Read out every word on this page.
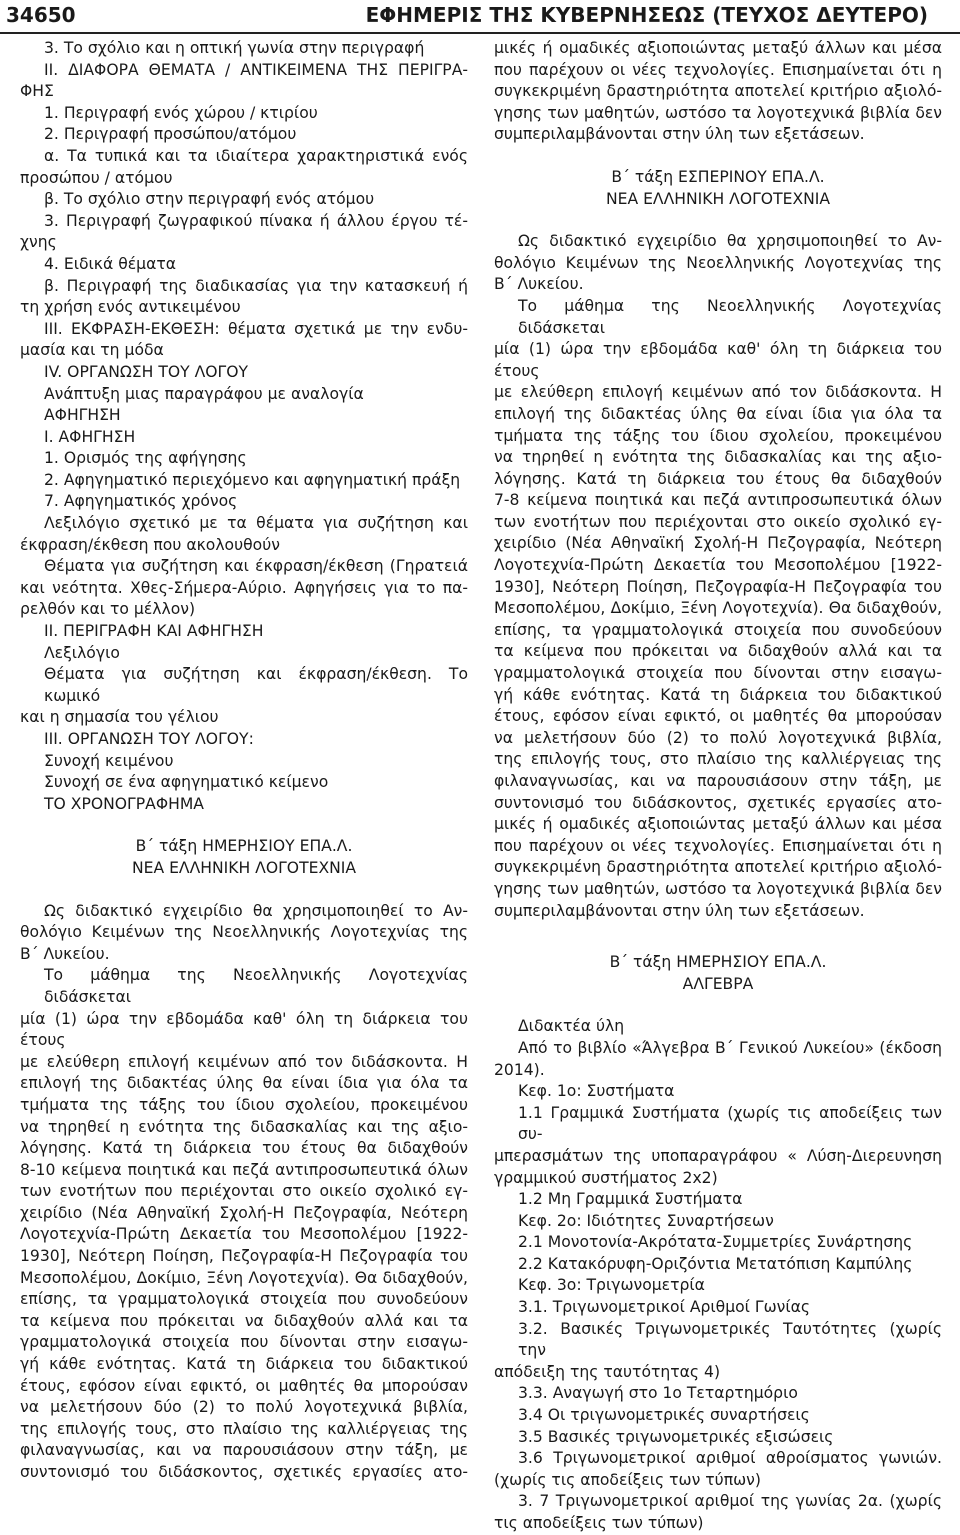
34650	ΕΦΗΜΕΡΙΣ ΤΗΣ ΚΥΒΕΡΝΗΣΕΩΣ (ΤΕΥΧΟΣ ΔΕΥΤΕΡΟ)
3. Το σχόλιο και η οπτική γωνία στην περιγραφή
ΙΙ. ΔΙΑΦΟΡΑ ΘΕΜΑΤΑ / ΑΝΤΙΚΕΙΜΕΝΑ ΤΗΣ ΠΕΡΙΓΡΑ-
ΦΗΣ
1. Περιγραφή ενός χώρου / κτιρίου
2. Περιγραφή προσώπου/ατόμου
α. Τα τυπικά και τα ιδιαίτερα χαρακτηριστικά ενός
προσώπου / ατόμου
β. Το σχόλιο στην περιγραφή ενός ατόμου
3. Περιγραφή ζωγραφικού πίνακα ή άλλου έργου τέ-
χνης
4. Ειδικά θέματα
β. Περιγραφή της διαδικασίας για την κατασκευή ή
τη χρήση ενός αντικειμένου
ΙΙΙ. ΕΚΦΡΑΣΗ-ΕΚΘΕΣΗ: θέματα σχετικά με την ενδυ-
μασία και τη μόδα
IV. ΟΡΓΑΝΩΣΗ ΤΟΥ ΛΟΓΟΥ
Ανάπτυξη μιας παραγράφου με αναλογία
ΑΦΗΓΗΣΗ
Ι. ΑΦΗΓΗΣΗ
1. Ορισμός της αφήγησης
2. Αφηγηματικό περιεχόμενο και αφηγηματική πράξη
7. Αφηγηματικός χρόνος
Λεξιλόγιο σχετικό με τα θέματα για συζήτηση και
έκφραση/έκθεση που ακολουθούν
Θέματα για συζήτηση και έκφραση/έκθεση (Γηρατειά
και νεότητα. Χθες-Σήμερα-Αύριο. Αφηγήσεις για το πα-
ρελθόν και το μέλλον)
ΙΙ. ΠΕΡΙΓΡΑΦΗ ΚΑΙ ΑΦΗΓΗΣΗ
Λεξιλόγιο
Θέματα για συζήτηση και έκφραση/έκθεση. Το κωμικό
και η σημασία του γέλιου
ΙΙΙ. ΟΡΓΑΝΩΣΗ ΤΟΥ ΛΟΓΟΥ:
Συνοχή κειμένου
Συνοχή σε ένα αφηγηματικό κείμενο
ΤΟ ΧΡΟΝΟΓΡΑΦΗΜΑ
Β΄ τάξη ΗΜΕΡΗΣΙΟΥ ΕΠΑ.Λ.
ΝΕΑ ΕΛΛΗΝΙΚΗ ΛΟΓΟΤΕΧΝΙΑ
Ως διδακτικό εγχειρίδιο θα χρησιμοποιηθεί το Αν-
θολόγιο Κειμένων της Νεοελληνικής Λογοτεχνίας της
Β΄ Λυκείου.
Το μάθημα της Νεοελληνικής Λογοτεχνίας διδάσκεται
μία (1) ώρα την εβδομάδα καθ' όλη τη διάρκεια του έτους
με ελεύθερη επιλογή κειμένων από τον διδάσκοντα. Η
επιλογή της διδακτέας ύλης θα είναι ίδια για όλα τα
τμήματα της τάξης του ίδιου σχολείου, προκειμένου
να τηρηθεί η ενότητα της διδασκαλίας και της αξιο-
λόγησης. Κατά τη διάρκεια του έτους θα διδαχθούν
8-10 κείμενα ποιητικά και πεζά αντιπροσωπευτικά όλων
των ενοτήτων που περιέχονται στο οικείο σχολικό εγ-
χειρίδιο (Νέα Αθηναϊκή Σχολή-Η Πεζογραφία, Νεότερη
Λογοτεχνία-Πρώτη Δεκαετία του Μεσοπολέμου [1922-
1930], Νεότερη Ποίηση, Πεζογραφία-Η Πεζογραφία του
Μεσοπολέμου, Δοκίμιο, Ξένη Λογοτεχνία). Θα διδαχθούν,
επίσης, τα γραμματολογικά στοιχεία που συνοδεύουν
τα κείμενα που πρόκειται να διδαχθούν αλλά και τα
γραμματολογικά στοιχεία που δίνονται στην εισαγω-
γή κάθε ενότητας. Κατά τη διάρκεια του διδακτικού
έτους, εφόσον είναι εφικτό, οι μαθητές θα μπορούσαν
να μελετήσουν δύο (2) το πολύ λογοτεχνικά βιβλία,
της επιλογής τους, στο πλαίσιο της καλλιέργειας της
φιλαναγνωσίας, και να παρουσιάσουν στην τάξη, με
συντονισμό του διδάσκοντος, σχετικές εργασίες ατο-
μικές ή ομαδικές αξιοποιώντας μεταξύ άλλων και μέσα
που παρέχουν οι νέες τεχνολογίες. Επισημαίνεται ότι η
συγκεκριμένη δραστηριότητα αποτελεί κριτήριο αξιολό-
γησης των μαθητών, ωστόσο τα λογοτεχνικά βιβλία δεν
συμπεριλαμβάνονται στην ύλη των εξετάσεων.
Β΄ τάξη ΕΣΠΕΡΙΝΟΥ ΕΠΑ.Λ.
ΝΕΑ ΕΛΛΗΝΙΚΗ ΛΟΓΟΤΕΧΝΙΑ
Ως διδακτικό εγχειρίδιο θα χρησιμοποιηθεί το Αν-
θολόγιο Κειμένων της Νεοελληνικής Λογοτεχνίας της
Β΄ Λυκείου.
Το μάθημα της Νεοελληνικής Λογοτεχνίας διδάσκεται
μία (1) ώρα την εβδομάδα καθ' όλη τη διάρκεια του έτους
με ελεύθερη επιλογή κειμένων από τον διδάσκοντα. Η
επιλογή της διδακτέας ύλης θα είναι ίδια για όλα τα
τμήματα της τάξης του ίδιου σχολείου, προκειμένου
να τηρηθεί η ενότητα της διδασκαλίας και της αξιο-
λόγησης. Κατά τη διάρκεια του έτους θα διδαχθούν
7-8 κείμενα ποιητικά και πεζά αντιπροσωπευτικά όλων
των ενοτήτων που περιέχονται στο οικείο σχολικό εγ-
χειρίδιο (Νέα Αθηναϊκή Σχολή-Η Πεζογραφία, Νεότερη
Λογοτεχνία-Πρώτη Δεκαετία του Μεσοπολέμου [1922-
1930], Νεότερη Ποίηση, Πεζογραφία-Η Πεζογραφία του
Μεσοπολέμου, Δοκίμιο, Ξένη Λογοτεχνία). Θα διδαχθούν,
επίσης, τα γραμματολογικά στοιχεία που συνοδεύουν
τα κείμενα που πρόκειται να διδαχθούν αλλά και τα
γραμματολογικά στοιχεία που δίνονται στην εισαγω-
γή κάθε ενότητας. Κατά τη διάρκεια του διδακτικού
έτους, εφόσον είναι εφικτό, οι μαθητές θα μπορούσαν
να μελετήσουν δύο (2) το πολύ λογοτεχνικά βιβλία,
της επιλογής τους, στο πλαίσιο της καλλιέργειας της
φιλαναγνωσίας, και να παρουσιάσουν στην τάξη, με
συντονισμό του διδάσκοντος, σχετικές εργασίες ατο-
μικές ή ομαδικές αξιοποιώντας μεταξύ άλλων και μέσα
που παρέχουν οι νέες τεχνολογίες. Επισημαίνεται ότι η
συγκεκριμένη δραστηριότητα αποτελεί κριτήριο αξιολό-
γησης των μαθητών, ωστόσο τα λογοτεχνικά βιβλία δεν
συμπεριλαμβάνονται στην ύλη των εξετάσεων.
Β΄ τάξη ΗΜΕΡΗΣΙΟΥ ΕΠΑ.Λ.
ΑΛΓΕΒΡΑ
Διδακτέα ύλη
Από το βιβλίο «Άλγεβρα Β΄ Γενικού Λυκείου» (έκδοση
2014).
Κεφ. 1ο: Συστήματα
1.1 Γραμμικά Συστήματα (χωρίς τις αποδείξεις των συ-
μπερασμάτων της υποπαραγράφου « Λύση-Διερευνηση
γραμμικού συστήματος 2x2)
1.2 Μη Γραμμικά Συστήματα
Κεφ. 2ο: Ιδιότητες Συναρτήσεων
2.1 Μονοτονία-Ακρότατα-Συμμετρίες Συνάρτησης
2.2 Κατακόρυφη-Οριζόντια Μετατόπιση Καμπύλης
Κεφ. 3ο: Τριγωνομετρία
3.1. Τριγωνομετρικοί Αριθμοί Γωνίας
3.2. Βασικές Τριγωνομετρικές Ταυτότητες (χωρίς την
απόδειξη της ταυτότητας 4)
3.3. Αναγωγή στο 1ο Τεταρτημόριο
3.4 Οι τριγωνομετρικές συναρτήσεις
3.5 Βασικές τριγωνομετρικές εξισώσεις
3.6 Τριγωνομετρικοί αριθμοί αθροίσματος γωνιών.
(χωρίς τις αποδείξεις των τύπων)
3. 7 Τριγωνομετρικοί αριθμοί της γωνίας 2α. (χωρίς
τις αποδείξεις των τύπων)
